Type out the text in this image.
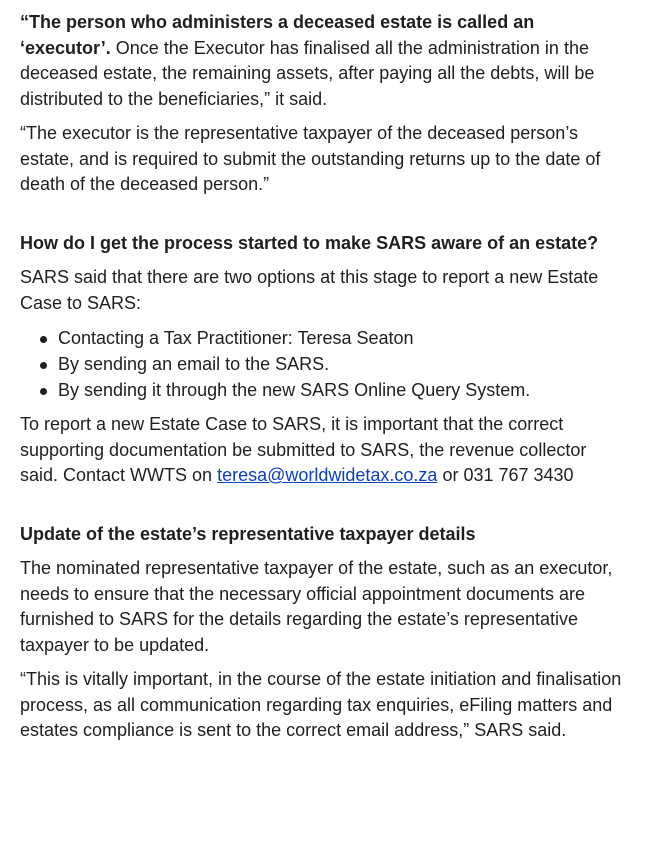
“The person who administers a deceased estate is called an ‘executor’. Once the Executor has finalised all the administration in the deceased estate, the remaining assets, after paying all the debts, will be distributed to the beneficiaries,” it said.

“The executor is the representative taxpayer of the deceased person’s estate, and is required to submit the outstanding returns up to the date of death of the deceased person.”

How do I get the process started to make SARS aware of an estate?

SARS said that there are two options at this stage to report a new Estate Case to SARS:

Contacting a Tax Practitioner: Teresa Seaton
By sending an email to the SARS.
By sending it through the new SARS Online Query System.

To report a new Estate Case to SARS, it is important that the correct supporting documentation be submitted to SARS, the revenue collector said. Contact WWTS on teresa@worldwidetax.co.za or 031 767 3430

Update of the estate’s representative taxpayer details

The nominated representative taxpayer of the estate, such as an executor, needs to ensure that the necessary official appointment documents are furnished to SARS for the details regarding the estate’s representative taxpayer to be updated.

“This is vitally important, in the course of the estate initiation and finalisation process, as all communication regarding tax enquiries, eFiling matters and estates compliance is sent to the correct email address,” SARS said.
